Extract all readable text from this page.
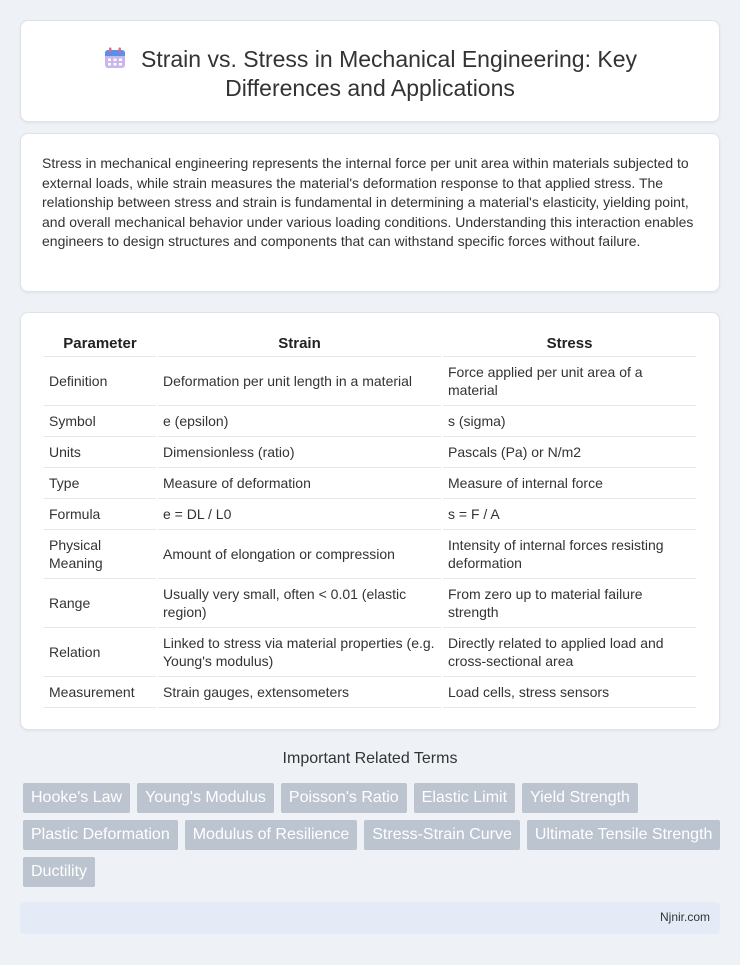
Strain vs. Stress in Mechanical Engineering: Key Differences and Applications

Stress in mechanical engineering represents the internal force per unit area within materials subjected to external loads, while strain measures the material's deformation response to that applied stress. The relationship between stress and strain is fundamental in determining a material's elasticity, yielding point, and overall mechanical behavior under various loading conditions. Understanding this interaction enables engineers to design structures and components that can withstand specific forces without failure.

Parameter	Strain	Stress
Definition	Deformation per unit length in a material	Force applied per unit area of a material
Symbol	e (epsilon)	s (sigma)
Units	Dimensionless (ratio)	Pascals (Pa) or N/m2
Type	Measure of deformation	Measure of internal force
Formula	e = DL / L0	s = F / A
Physical Meaning	Amount of elongation or compression	Intensity of internal forces resisting deformation
Range	Usually very small, often < 0.01 (elastic region)	From zero up to material failure strength
Relation	Linked to stress via material properties (e.g. Young's modulus)	Directly related to applied load and cross-sectional area
Measurement	Strain gauges, extensometers	Load cells, stress sensors
Important Related Terms
Hooke's Law	Young's Modulus	Poisson's Ratio	Elastic Limit	Yield Strength
Plastic Deformation	Modulus of Resilience	Stress-Strain Curve	Ultimate Tensile Strength
Ductility
Njnir.com
